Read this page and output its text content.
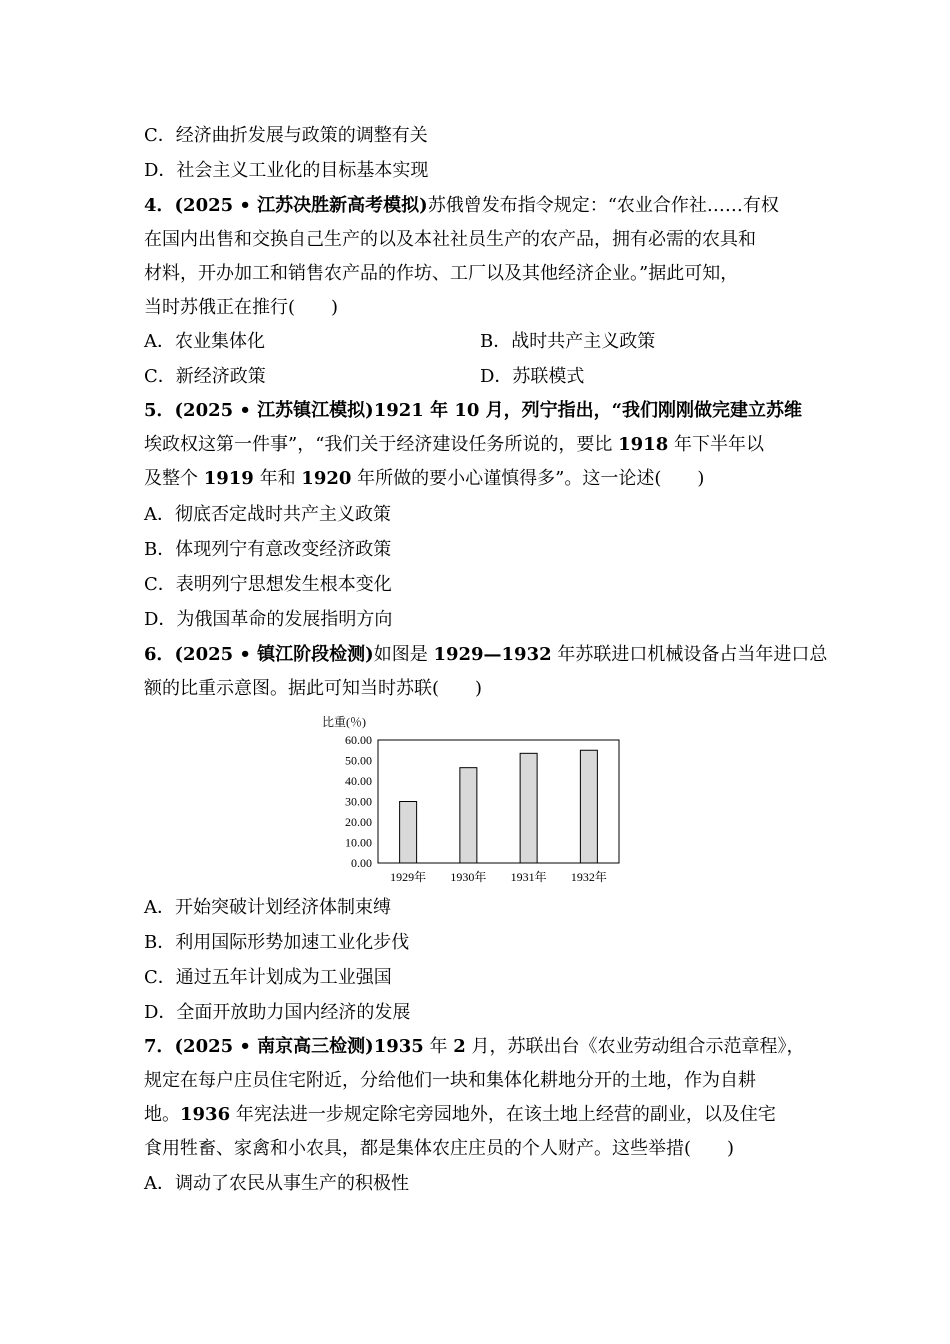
C．经济曲折发展与政策的调整有关
D．社会主义工业化的目标基本实现
4．(2025 • 江苏决胜新高考模拟)苏俄曾发布指令规定：“农业合作社……有权
在国内出售和交换自己生产的以及本社社员生产的农产品，拥有必需的农具和
材料，开办加工和销售农产品的作坊、工厂以及其他经济企业。”据此可知，
当时苏俄正在推行(　　)
A．农业集体化	B．战时共产主义政策
C．新经济政策	D．苏联模式
5．(2025 • 江苏镇江模拟)1921 年 10 月，列宁指出，“我们刚刚做完建立苏维
埃政权这第一件事”，“我们关于经济建设任务所说的，要比 1918 年下半年以
及整个 1919 年和 1920 年所做的要小心谨慎得多”。这一论述(　　)
A．彻底否定战时共产主义政策
B．体现列宁有意改变经济政策
C．表明列宁思想发生根本变化
D．为俄国革命的发展指明方向
6．(2025 • 镇江阶段检测)如图是 1929—1932 年苏联进口机械设备占当年进口总
额的比重示意图。据此可知当时苏联(　　)
比重(％)
0.00
10.00
20.00
30.00
40.00
50.00
60.00
1929年 1930年 1931年 1932年
A．开始突破计划经济体制束缚
B．利用国际形势加速工业化步伐
C．通过五年计划成为工业强国
D．全面开放助力国内经济的发展
7．(2025 • 南京高三检测)1935 年 2 月，苏联出台《农业劳动组合示范章程》，
规定在每户庄员住宅附近，分给他们一块和集体化耕地分开的土地，作为自耕
地。1936 年宪法进一步规定除宅旁园地外，在该土地上经营的副业，以及住宅
食用牲畜、家禽和小农具，都是集体农庄庄员的个人财产。这些举措(　　)
A．调动了农民从事生产的积极性
